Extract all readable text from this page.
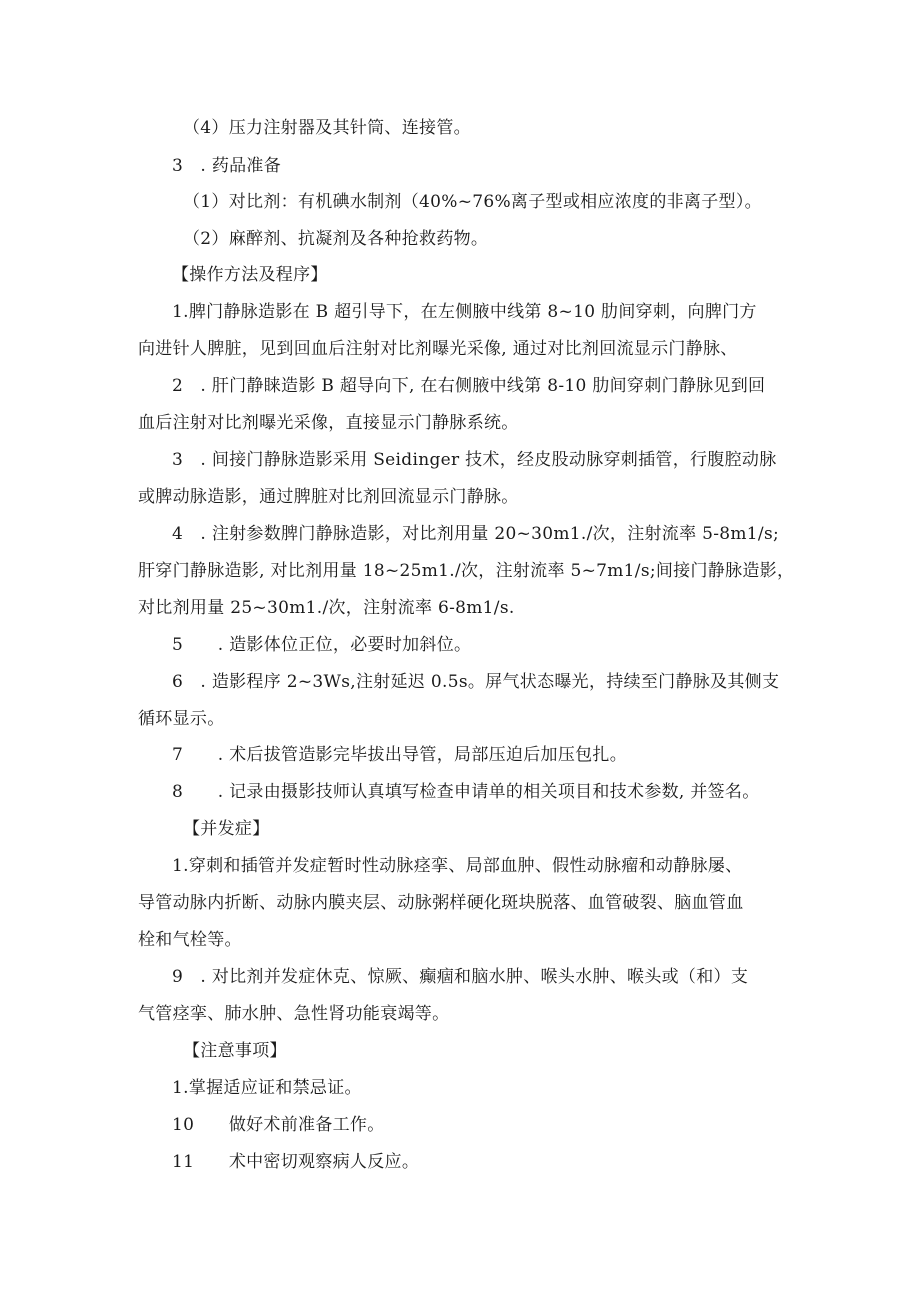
（4）压力注射器及其针筒、连接管。
3　. 药品准备
（1）对比剂：有机碘水制剂（40%~76%离子型或相应浓度的非离子型）。
（2）麻醉剂、抗凝剂及各种抢救药物。
【操作方法及程序】
1.脾门静脉造影在 B 超引导下，在左侧腋中线第 8~10 肋间穿刺，向脾门方
向进针人脾脏，见到回血后注射对比剂曝光采像, 通过对比剂回流显示门静脉、
2　. 肝门静睐造影 B 超导向下, 在右侧腋中线第 8-10 肋间穿刺门静脉见到回
血后注射对比剂曝光采像，直接显示门静脉系统。
3　. 间接门静脉造影采用 Seidinger 技术，经皮股动脉穿刺插管，行腹腔动脉
或脾动脉造影，通过脾脏对比剂回流显示门静脉。
4　. 注射参数脾门静脉造影，对比剂用量 20~30m1./次，注射流率 5-8m1∕s;
肝穿门静脉造影, 对比剂用量 18~25m1./次，注射流率 5~7m1∕s;间接门静脉造影，
对比剂用量 25~30m1./次，注射流率 6-8m1∕s.
5　　. 造影体位正位，必要时加斜位。
6　. 造影程序 2~3Ws,注射延迟 0.5s。屏气状态曝光，持续至门静脉及其侧支
循环显示。
7　　. 术后拔管造影完毕拔出导管，局部压迫后加压包扎。
8　　. 记录由摄影技师认真填写检查申请单的相关项目和技术参数, 并签名。
【并发症】
1.穿刺和插管并发症暂时性动脉痉挛、局部血肿、假性动脉瘤和动静脉屡、
导管动脉内折断、动脉内膜夹层、动脉粥样硬化斑块脱落、血管破裂、脑血管血
栓和气栓等。
9　. 对比剂并发症休克、惊厥、癫痼和脑水肿、喉头水肿、喉头或（和）支
气管痉挛、肺水肿、急性肾功能衰竭等。
【注意事项】
1.掌握适应证和禁忌证。
10　　做好术前准备工作。
11　　术中密切观察病人反应。
